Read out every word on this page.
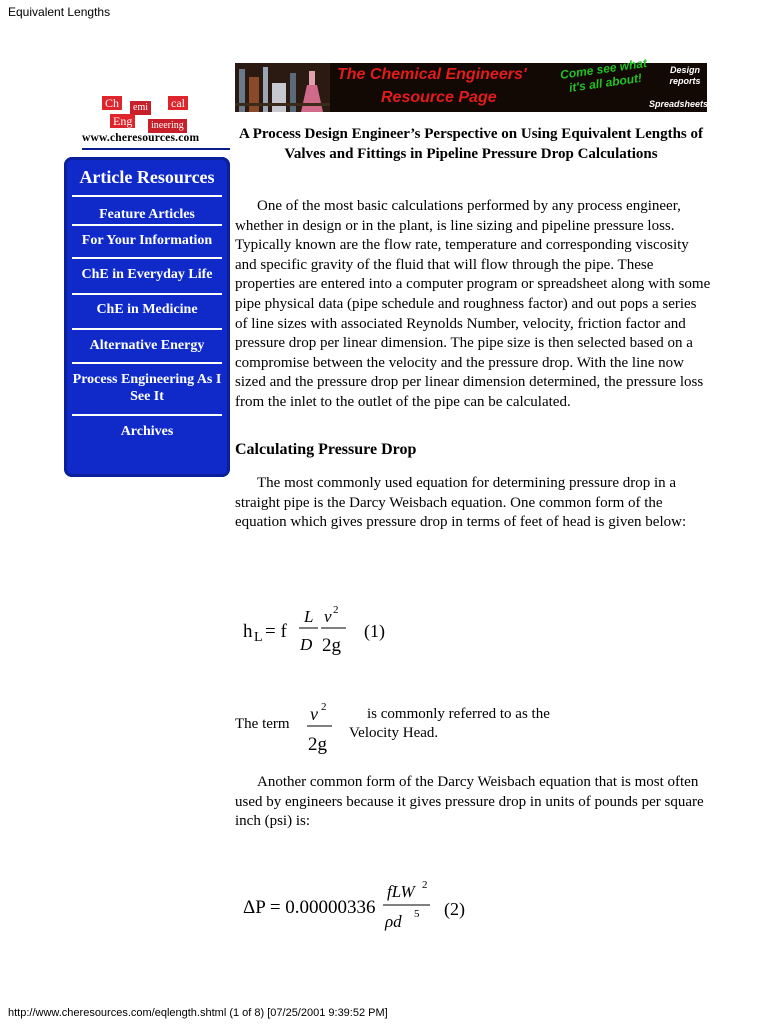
Equivalent Lengths
Ch	emi cal
Eng	ineering
www.cheresources.com
Article Resources
Feature Articles
For Your Information
ChE in Everyday Life
ChE in Medicine
Alternative Energy
Process Engineering As I See It
Archives
The Chemical Engineers'
Resource Page
Come see what it's all about!
Design
reports
Spreadsheets...
A Process Design Engineer’s Perspective on Using Equivalent Lengths of Valves and Fittings in Pipeline Pressure Drop Calculations
One of the most basic calculations performed by any process engineer, whether in design or in the plant, is line sizing and pipeline pressure loss. Typically known are the flow rate, temperature and corresponding viscosity and specific gravity of the fluid that will flow through the pipe. These properties are entered into a computer program or spreadsheet along with some pipe physical data (pipe schedule and roughness factor) and out pops a series of line sizes with associated Reynolds Number, velocity, friction factor and pressure drop per linear dimension. The pipe size is then selected based on a compromise between the velocity and the pressure drop. With the line now sized and the pressure drop per linear dimension determined, the pressure loss from the inlet to the outlet of the pipe can be calculated.
Calculating Pressure Drop
The most commonly used equation for determining pressure drop in a straight pipe is the Darcy Weisbach equation. One common form of the equation which gives pressure drop in terms of feet of head is given below:
h L = f
L
D
v 2
2g
(1)
The term	v 2
2g
is commonly referred to as the
Velocity Head.
Another common form of the Darcy Weisbach equation that is most often used by engineers because it gives pressure drop in units of pounds per square inch (psi) is:
ΔP = 0.00000336
fLW 2
ρd 5 (2)
http://www.cheresources.com/eqlength.shtml (1 of 8) [07/25/2001 9:39:52 PM]
